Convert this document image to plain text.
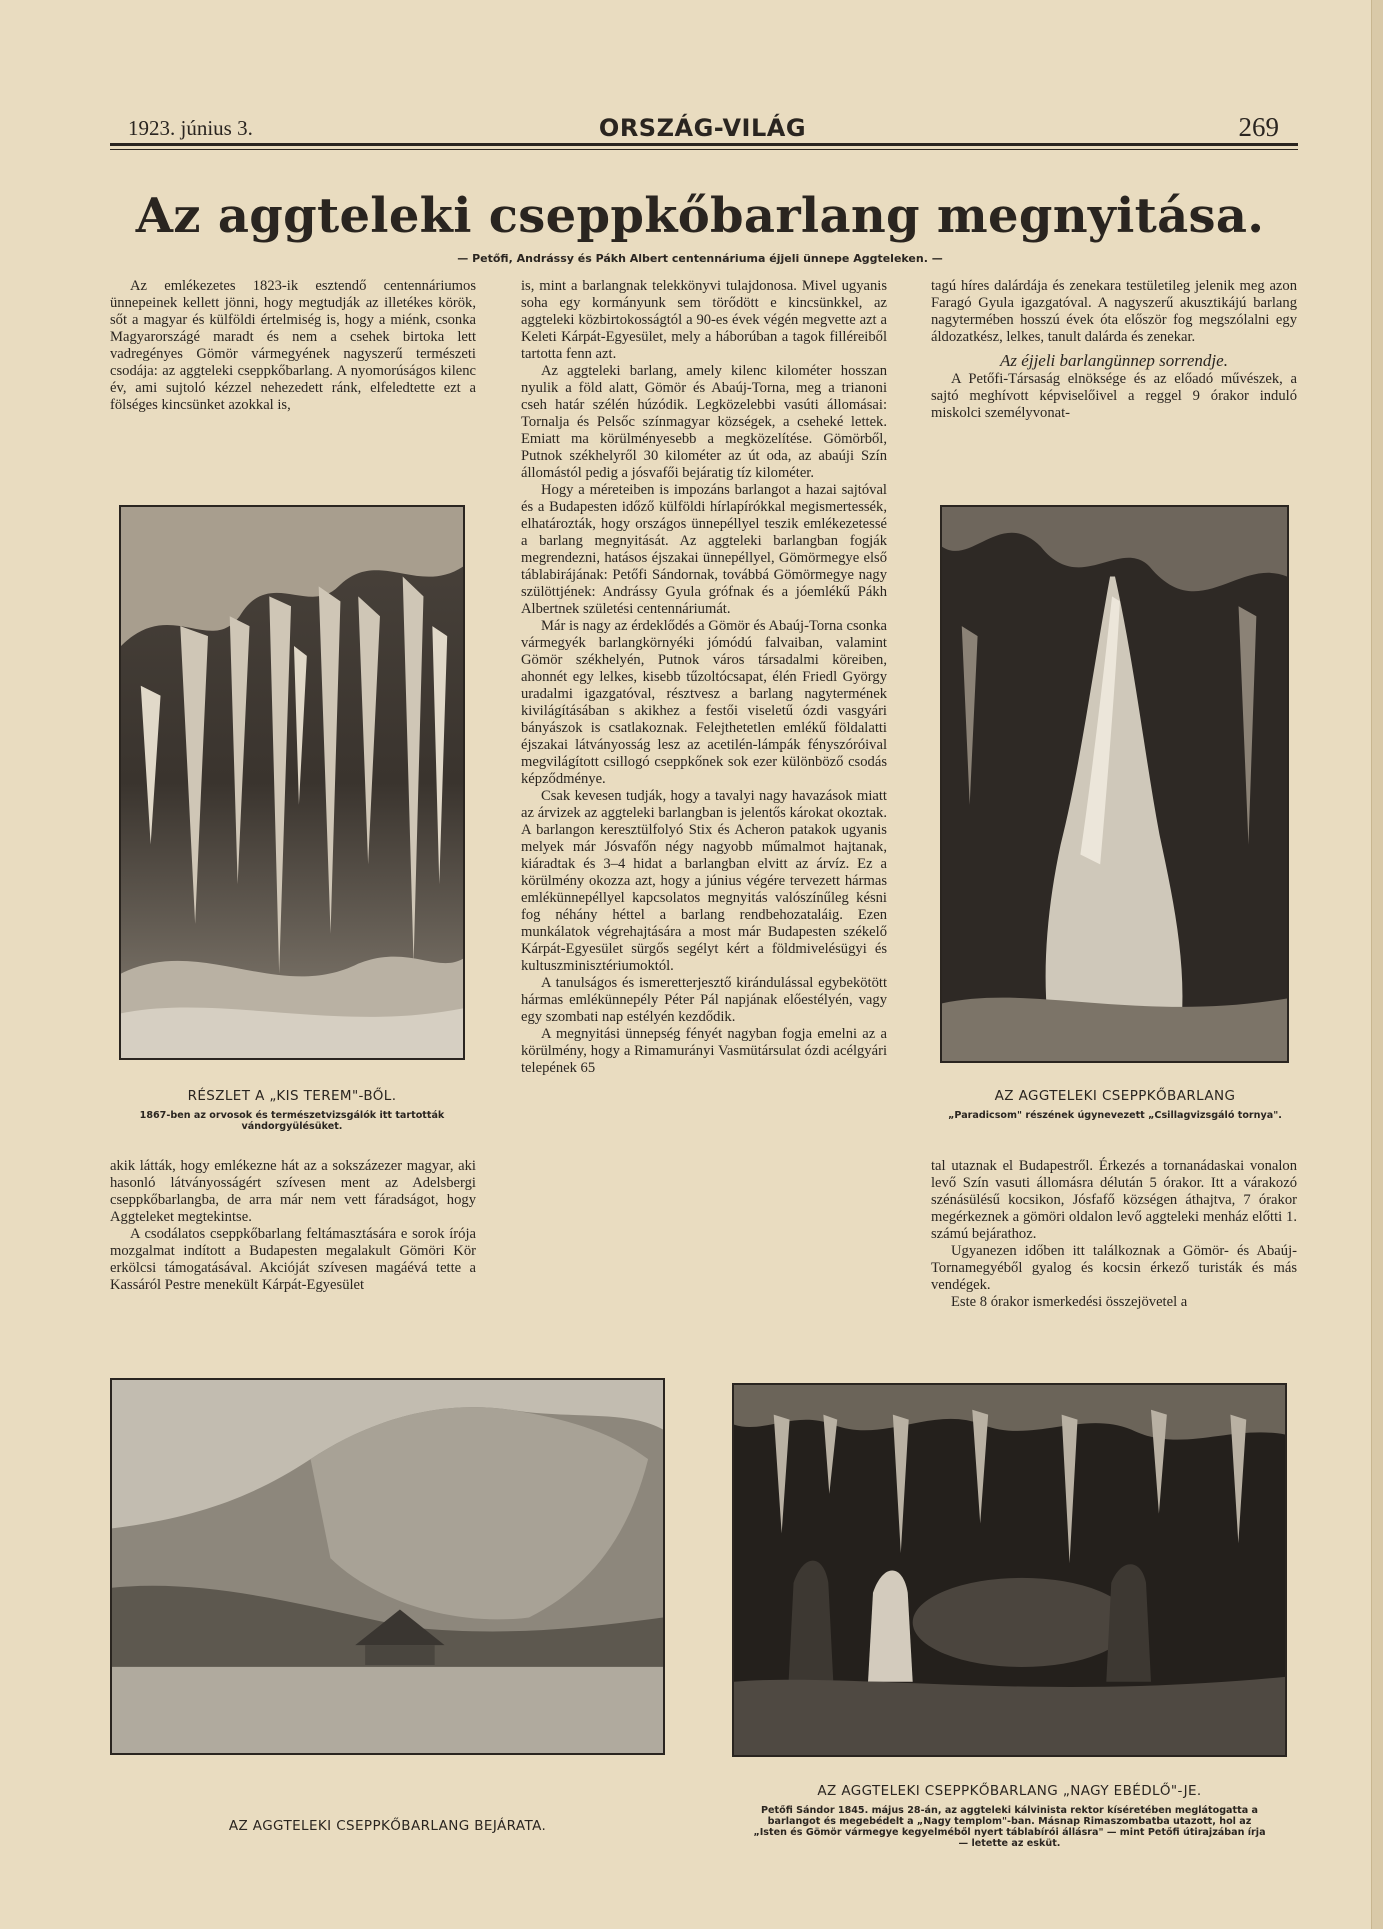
1923. június 3.	ORSZÁG-VILÁG	269
Az aggteleki cseppkőbarlang megnyitása.
— Petőfi, Andrássy és Pákh Albert centennáriuma éjjeli ünnepe Aggteleken. —

Az emlékezetes 1823-ik esztendő centennáriumos ünnepeinek kellett jönni, hogy megtudják az illetékes körök, sőt a magyar és külföldi értelmiség is, hogy a miénk, csonka Magyarországé maradt és nem a csehek birtoka lett vadregényes Gömör vármegyének nagyszerű természeti csodája: az aggteleki cseppkőbarlang. A nyomorúságos kilenc év, ami sujtoló kézzel nehezedett ránk, elfeledtette ezt a fölséges kincsünket azokkal is,

RÉSZLET A „KIS TEREM"-BŐL.
1867-ben az orvosok és természetvizsgálók itt tartották vándorgyülésüket.

akik látták, hogy emlékezne hát az a sokszázezer magyar, aki hasonló látványosságért szívesen ment az Adelsbergi cseppkőbarlangba, de arra már nem vett fáradságot, hogy Aggteleket megtekintse.

A csodálatos cseppkőbarlang feltámasztására e sorok írója mozgalmat indított a Budapesten megalakult Gömöri Kör erkölcsi támogatásával. Akcióját szívesen magáévá tette a Kassáról Pestre menekült Kárpát-Egyesület

is, mint a barlangnak telekkönyvi tulajdonosa. Mivel ugyanis soha egy kormányunk sem törődött e kincsünkkel, az aggteleki közbirtokosságtól a 90-es évek végén megvette azt a Keleti Kárpát-Egyesület, mely a háborúban a tagok filléreiből tartotta fenn azt.

Az aggteleki barlang, amely kilenc kilométer hosszan nyulik a föld alatt, Gömör és Abaúj-Torna, meg a trianoni cseh határ szélén húzódik. Legközelebbi vasúti állomásai: Tornalja és Pelsőc színmagyar községek, a cseheké lettek. Emiatt ma körülményesebb a megközelítése. Gömörből, Putnok székhelyről 30 kilométer az út oda, az abaúji Szín állomástól pedig a jósvafői bejáratig tíz kilométer.

Hogy a méreteiben is impozáns barlangot a hazai sajtóval és a Budapesten időző külföldi hírlapírókkal megismertessék, elhatározták, hogy országos ünnepéllyel teszik emlékezetessé a barlang megnyitását. Az aggteleki barlangban fogják megrendezni, hatásos éjszakai ünnepéllyel, Gömörmegye első táblabirájának: Petőfi Sándornak, továbbá Gömörmegye nagy szülöttjének: Andrássy Gyula grófnak és a jóemlékű Pákh Albertnek születési centennáriumát.

Már is nagy az érdeklődés a Gömör és Abaúj-Torna csonka vármegyék barlangkörnyéki jómódú falvaiban, valamint Gömör székhelyén, Putnok város társadalmi köreiben, ahonnét egy lelkes, kisebb tűzoltócsapat, élén Friedl György uradalmi igazgatóval, résztvesz a barlang nagytermének kivilágításában s akikhez a festői viseletű ózdi vasgyári bányászok is csatlakoznak. Felejthetetlen emlékű földalatti éjszakai látványosság lesz az acetilén-lámpák fényszóróival megvilágított csillogó cseppkőnek sok ezer különböző csodás képződménye.

Csak kevesen tudják, hogy a tavalyi nagy havazások miatt az árvizek az aggteleki barlangban is jelentős károkat okoztak. A barlangon keresztülfolyó Stix és Acheron patakok ugyanis melyek már Jósvafőn négy nagyobb műmalmot hajtanak, kiáradtak és 3–4 hidat a barlangban elvitt az árvíz. Ez a körülmény okozza azt, hogy a június végére tervezett hármas emlékünnepéllyel kapcsolatos megnyitás valószínűleg késni fog néhány héttel a barlang rendbehozataláig. Ezen munkálatok végrehajtására a most már Budapesten székelő Kárpát-Egyesület sürgős segélyt kért a földmivelésügyi és kultuszminisztériumoktól.

A tanulságos és ismeretterjesztő kirándulással egybekötött hármas emlékünnepély Péter Pál napjának előestélyén, vagy egy szombati nap estélyén kezdődik.

A megnyitási ünnepség fényét nagyban fogja emelni az a körülmény, hogy a Rimamurányi Vasmütársulat ózdi acélgyári telepének 65

tagú híres dalárdája és zenekara testületileg jelenik meg azon Faragó Gyula igazgatóval. A nagyszerű akusztikájú barlang nagytermében hosszú évek óta először fog megszólalni egy áldozatkész, lelkes, tanult dalárda és zenekar.

Az éjjeli barlangünnep sorrendje.

A Petőfi-Társaság elnöksége és az előadó művészek, a sajtó meghívott képviselőivel a reggel 9 órakor induló miskolci személyvonat-

AZ AGGTELEKI CSEPPKŐBARLANG
„Paradicsom" részének úgynevezett „Csillagvizsgáló tornya".

tal utaznak el Budapestről. Érkezés a tornanádaskai vonalon levő Szín vasuti állomásra délután 5 órakor. Itt a várakozó szénásülésű kocsikon, Jósfafő községen áthajtva, 7 órakor megérkeznek a gömöri oldalon levő aggteleki menház előtti 1. számú bejárathoz.

Ugyanezen időben itt találkoznak a Gömör- és Abaúj-Tornamegyéből gyalog és kocsin érkező turisták és más vendégek.

Este 8 órakor ismerkedési összejövetel a

AZ AGGTELEKI CSEPPKŐBARLANG BEJÁRATA.
AZ AGGTELEKI CSEPPKŐBARLANG „NAGY EBÉDLŐ"-JE.
Petőfi Sándor 1845. május 28-án, az aggteleki kálvinista rektor kíséretében meglátogatta a barlangot és megebédelt a „Nagy templom"-ban. Másnap Rimaszombatba utazott, hol az „Isten és Gömör vármegye kegyelméből nyert táblabírói állásra" — mint Petőfi útirajzában írja — letette az esküt.
